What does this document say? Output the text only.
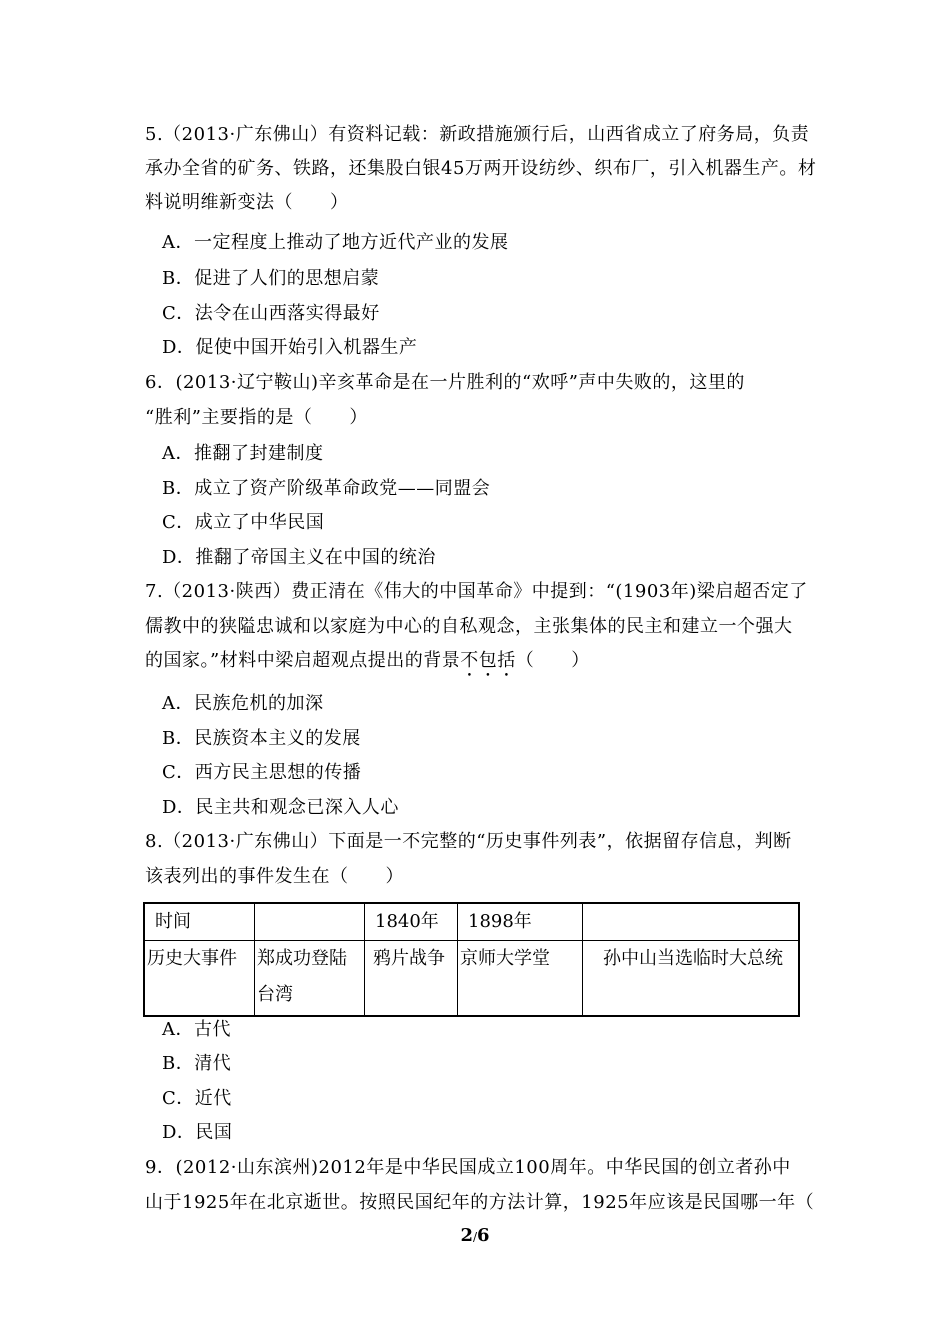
5.（2013·广东佛山）有资料记载：新政措施颁行后，山西省成立了府务局，负责
承办全省的矿务、铁路，还集股白银45万两开设纺纱、织布厂，引入机器生产。材
料说明维新变法（　　）
A．一定程度上推动了地方近代产业的发展
B．促进了人们的思想启蒙
C．法令在山西落实得最好
D．促使中国开始引入机器生产
6．(2013·辽宁鞍山)辛亥革命是在一片胜利的“欢呼”声中失败的，这里的
“胜利”主要指的是（　　）
A．推翻了封建制度
B．成立了资产阶级革命政党——同盟会
C．成立了中华民国
D．推翻了帝国主义在中国的统治
7.（2013·陕西）费正清在《伟大的中国革命》中提到：“(1903年)梁启超否定了
儒教中的狭隘忠诚和以家庭为中心的自私观念，主张集体的民主和建立一个强大
的国家。”材料中梁启超观点提出的背景不包括（　　）
A．民族危机的加深
B．民族资本主义的发展
C．西方民主思想的传播
D．民主共和观念已深入人心
8.（2013·广东佛山）下面是一不完整的“历史事件列表”，依据留存信息，判断
该表列出的事件发生在（　　）
时间		1840年	1898年	
历史大事件	郑成功登陆台湾	鸦片战争	京师大学堂	孙中山当选临时大总统
A．古代
B．清代
C．近代
D．民国
9．(2012·山东滨州)2012年是中华民国成立100周年。中华民国的创立者孙中
山于1925年在北京逝世。按照民国纪年的方法计算，1925年应该是民国哪一年（
2/6
